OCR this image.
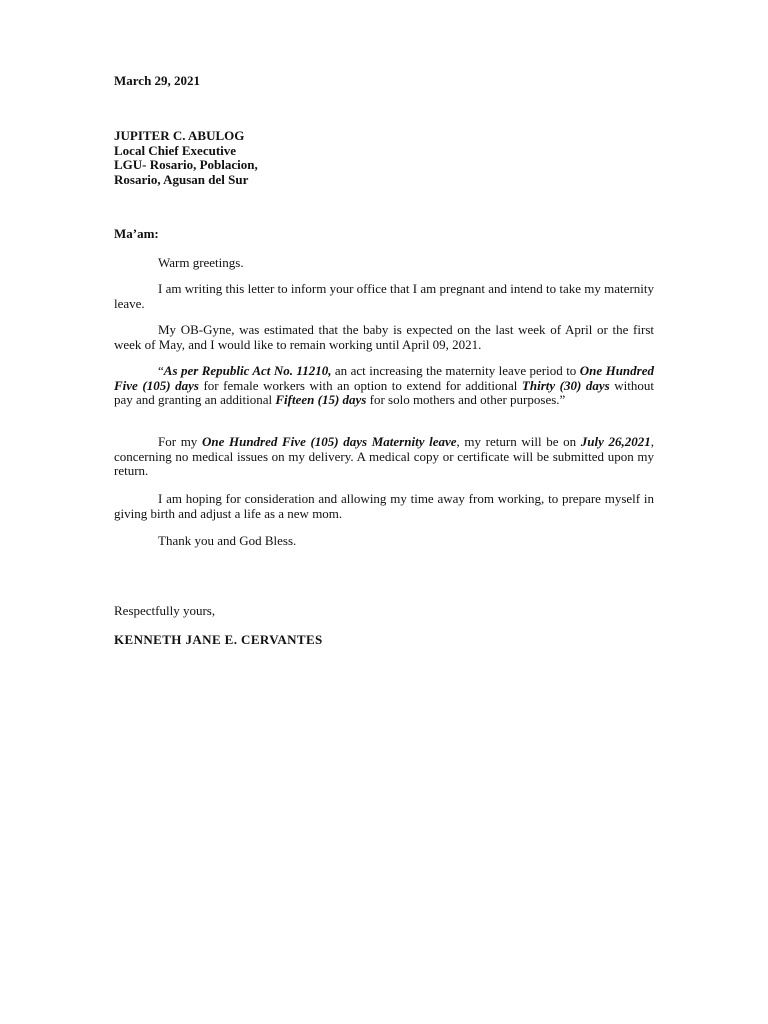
March 29, 2021
JUPITER C. ABULOG
Local Chief Executive
LGU- Rosario, Poblacion,
Rosario, Agusan del Sur
Ma’am:

Warm greetings.

I am writing this letter to inform your office that I am pregnant and intend to take my maternity leave.

My OB-Gyne, was estimated that the baby is expected on the last week of April or the first week of May, and I would like to remain working until April 09, 2021.

“As per Republic Act No. 11210, an act increasing the maternity leave period to One Hundred Five (105) days for female workers with an option to extend for additional Thirty (30) days without pay and granting an additional Fifteen (15) days for solo mothers and other purposes.”

For my One Hundred Five (105) days Maternity leave, my return will be on July 26,2021, concerning no medical issues on my delivery. A medical copy or certificate will be submitted upon my return.

I am hoping for consideration and allowing my time away from working, to prepare myself in giving birth and adjust a life as a new mom.

Thank you and God Bless.

Respectfully yours,
KENNETH JANE E. CERVANTES
